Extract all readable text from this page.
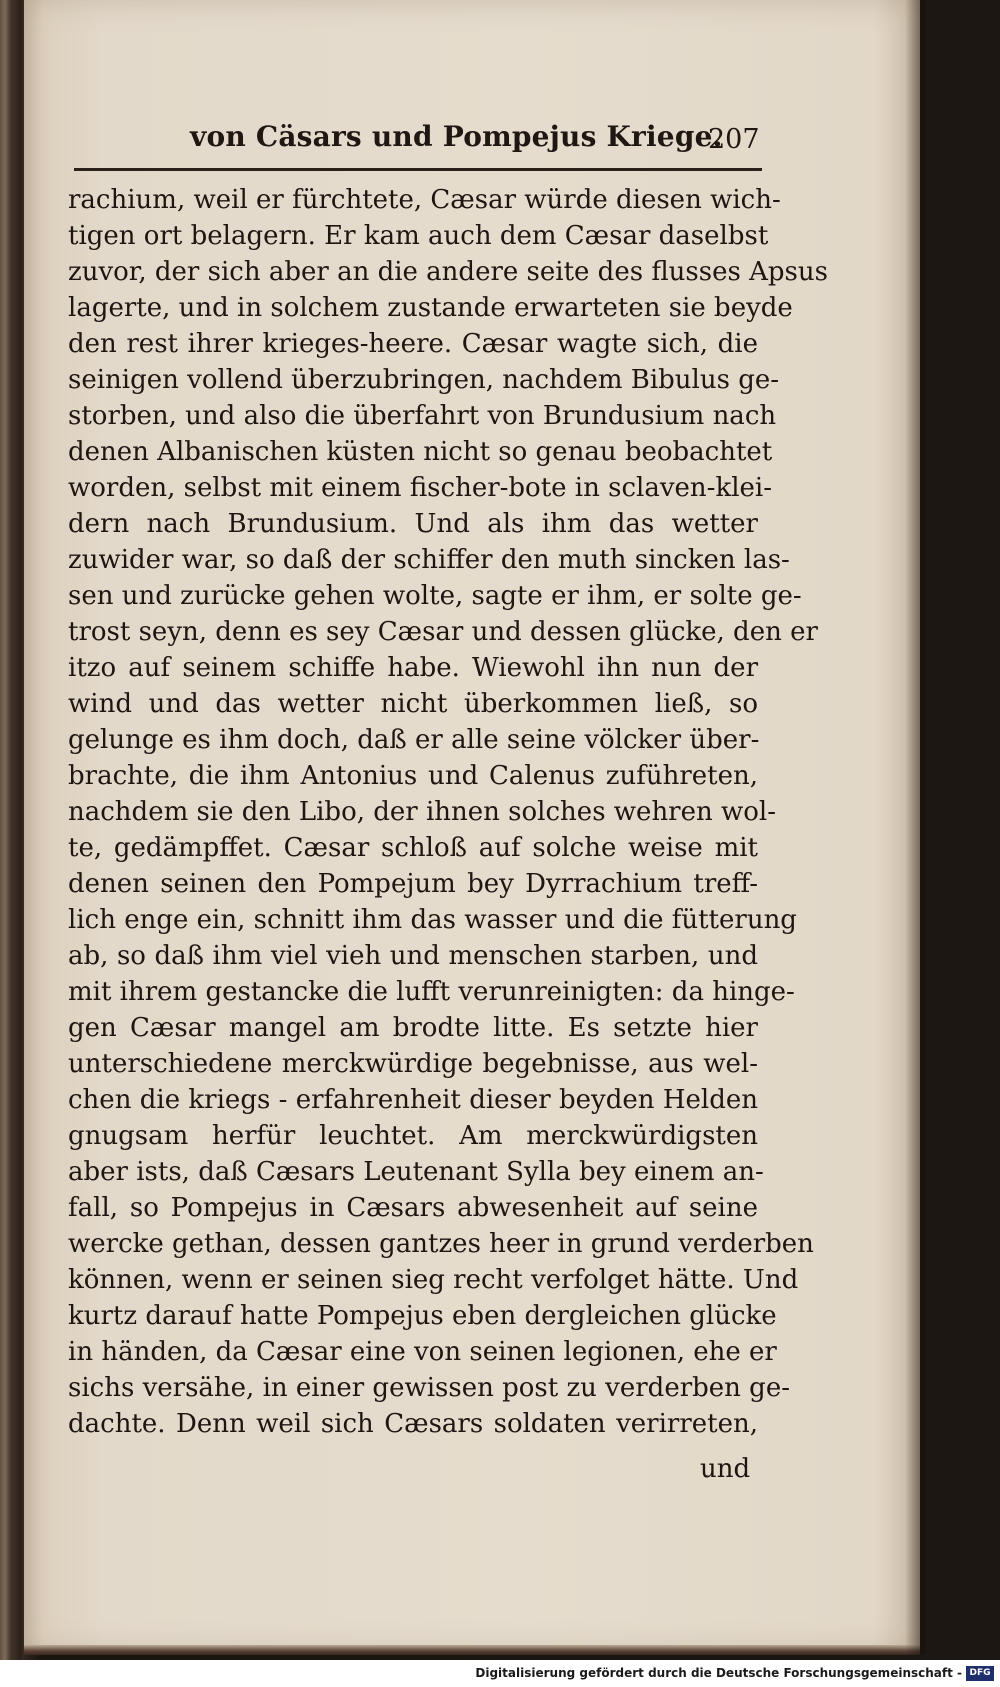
von Cäsars und Pompejus Kriege.
207
rachium, weil er fürchtete, Cæsar würde diesen wich-
tigen ort belagern. Er kam auch dem Cæsar daselbst
zuvor, der sich aber an die andere seite des flusses Apsus
lagerte, und in solchem zustande erwarteten sie beyde
den rest ihrer krieges-heere. Cæsar wagte sich, die
seinigen vollend überzubringen, nachdem Bibulus ge-
storben, und also die überfahrt von Brundusium nach
denen Albanischen küsten nicht so genau beobachtet
worden, selbst mit einem fischer-bote in sclaven-klei-
dern nach Brundusium. Und als ihm das wetter
zuwider war, so daß der schiffer den muth sincken las-
sen und zurücke gehen wolte, sagte er ihm, er solte ge-
trost seyn, denn es sey Cæsar und dessen glücke, den er
itzo auf seinem schiffe habe. Wiewohl ihn nun der
wind und das wetter nicht überkommen ließ, so
gelunge es ihm doch, daß er alle seine völcker über-
brachte, die ihm Antonius und Calenus zuführeten,
nachdem sie den Libo, der ihnen solches wehren wol-
te, gedämpffet. Cæsar schloß auf solche weise mit
denen seinen den Pompejum bey Dyrrachium treff-
lich enge ein, schnitt ihm das wasser und die fütterung
ab, so daß ihm viel vieh und menschen starben, und
mit ihrem gestancke die lufft verunreinigten: da hinge-
gen Cæsar mangel am brodte litte. Es setzte hier
unterschiedene merckwürdige begebnisse, aus wel-
chen die kriegs - erfahrenheit dieser beyden Helden
gnugsam herfür leuchtet. Am merckwürdigsten
aber ists, daß Cæsars Leutenant Sylla bey einem an-
fall, so Pompejus in Cæsars abwesenheit auf seine
wercke gethan, dessen gantzes heer in grund verderben
können, wenn er seinen sieg recht verfolget hätte. Und
kurtz darauf hatte Pompejus eben dergleichen glücke
in händen, da Cæsar eine von seinen legionen, ehe er
sichs versähe, in einer gewissen post zu verderben ge-
dachte. Denn weil sich Cæsars soldaten verirreten,
und
Digitalisierung gefördert durch die Deutsche Forschungsgemeinschaft - DFG
